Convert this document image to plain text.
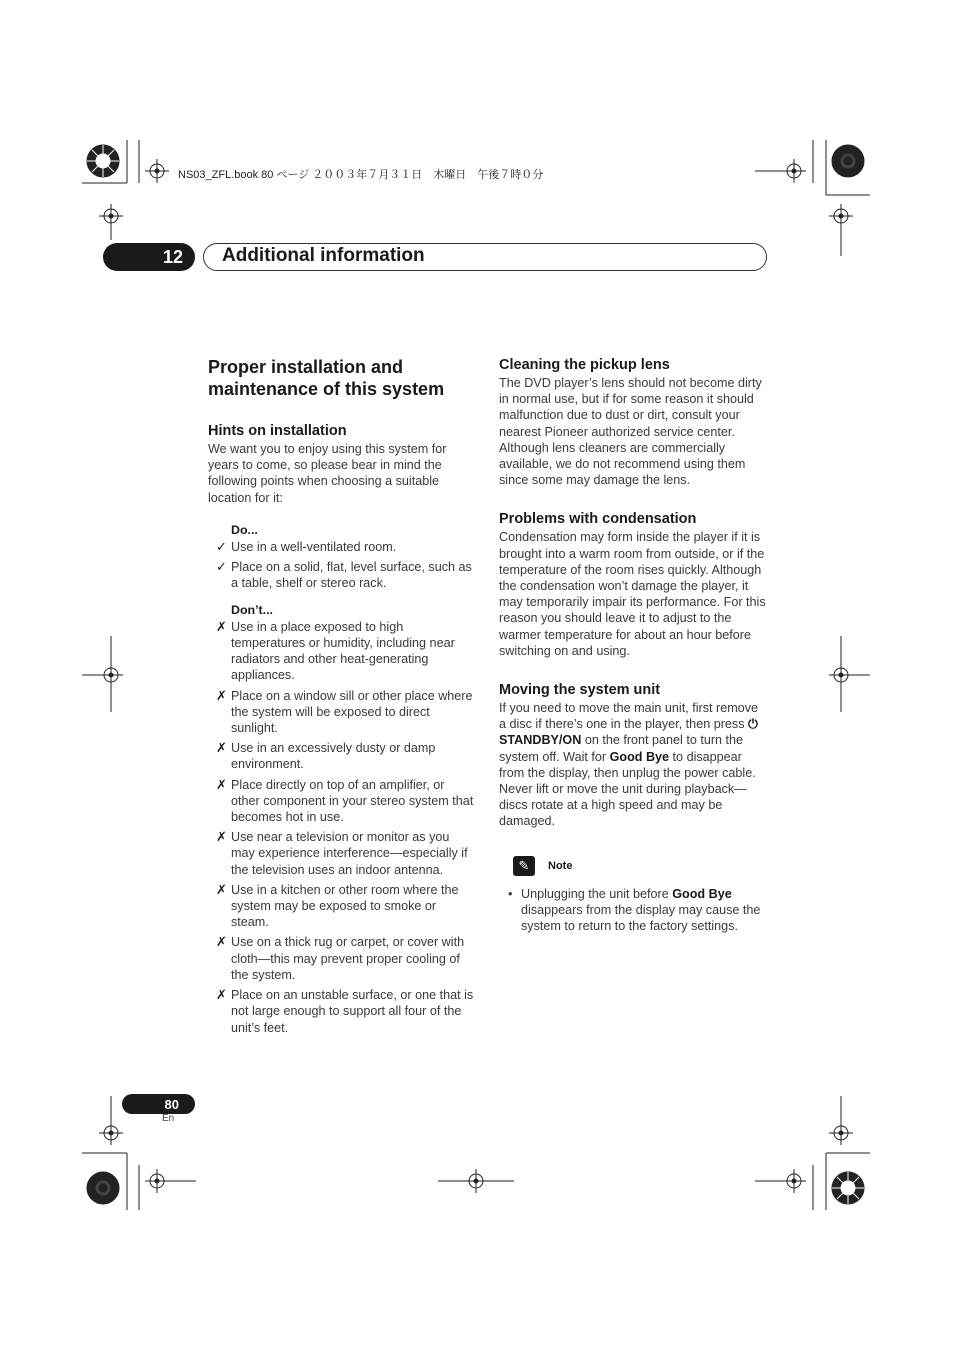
NS03_ZFL.book 80 ページ ２００３年７月３１日　木曜日　午後７時０分
12 Additional information
Proper installation and maintenance of this system
Hints on installation

We want you to enjoy using this system for years to come, so please bear in mind the following points when choosing a suitable location for it:

Do...
✓ Use in a well-ventilated room.
✓ Place on a solid, flat, level surface, such as a table, shelf or stereo rack.
Don’t...
✗ Use in a place exposed to high temperatures or humidity, including near radiators and other heat-generating appliances.
✗ Place on a window sill or other place where the system will be exposed to direct sunlight.
✗ Use in an excessively dusty or damp environment.
✗ Place directly on top of an amplifier, or other component in your stereo system that becomes hot in use.
✗ Use near a television or monitor as you may experience interference—especially if the television uses an indoor antenna.
✗ Use in a kitchen or other room where the system may be exposed to smoke or steam.
✗ Use on a thick rug or carpet, or cover with cloth—this may prevent proper cooling of the system.
✗ Place on an unstable surface, or one that is not large enough to support all four of the unit’s feet.
Cleaning the pickup lens

The DVD player’s lens should not become dirty in normal use, but if for some reason it should malfunction due to dust or dirt, consult your nearest Pioneer authorized service center. Although lens cleaners are commercially available, we do not recommend using them since some may damage the lens.

Problems with condensation

Condensation may form inside the player if it is brought into a warm room from outside, or if the temperature of the room rises quickly. Although the condensation won’t damage the player, it may temporarily impair its performance. For this reason you should leave it to adjust to the warmer temperature for about an hour before switching on and using.

Moving the system unit

If you need to move the main unit, first remove a disc if there’s one in the player, then press ⏻ STANDBY/ON on the front panel to turn the system off. Wait for Good Bye to disappear from the display, then unplug the power cable. Never lift or move the unit during playback—discs rotate at a high speed and may be damaged.

✎	Note
• Unplugging the unit before Good Bye disappears from the display may cause the system to return to the factory settings.
80
En
